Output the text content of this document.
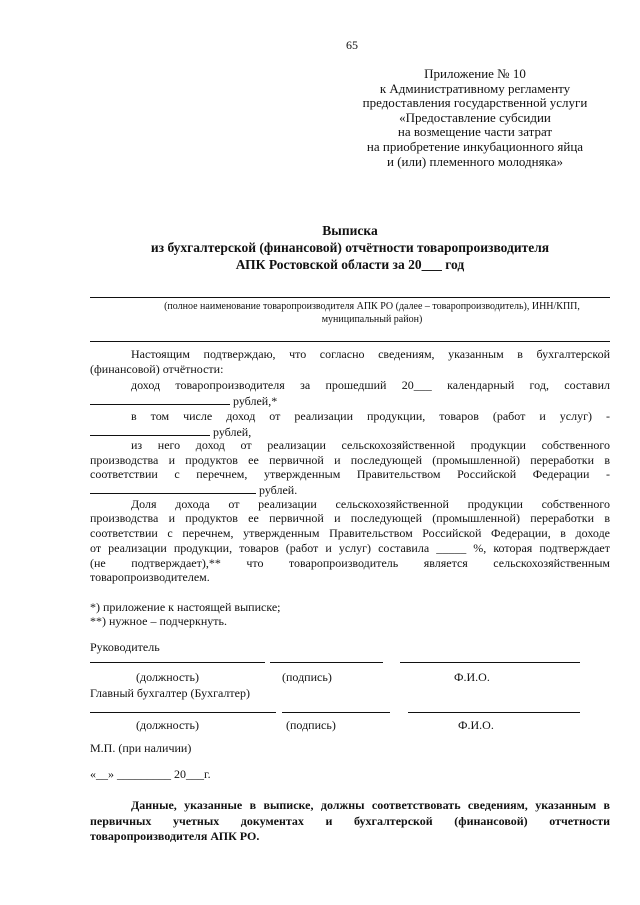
65
Приложение № 10
к Административному регламенту
предоставления государственной услуги
«Предоставление субсидии
на возмещение части затрат
на приобретение инкубационного яйца
и (или) племенного молодняка»
Выписка
из бухгалтерской (финансовой) отчётности товаропроизводителя
АПК Ростовской области за 20___ год
(полное наименование товаропроизводителя АПК РО (далее – товаропроизводитель), ИНН/КПП,
муниципальный район)
Настоящим подтверждаю, что согласно сведениям, указанным в бухгалтерской
(финансовой) отчётности:
доход товаропроизводителя за прошедший 20___ календарный год, составил
рублей,*
в том числе доход от реализации продукции, товаров (работ и услуг) -
рублей,
из него доход от реализации сельскохозяйственной продукции собственного
производства и продуктов ее первичной и последующей (промышленной) переработки в
соответствии с перечнем, утвержденным Правительством Российской Федерации -
рублей.
Доля дохода от реализации сельскохозяйственной продукции собственного
производства и продуктов ее первичной и последующей (промышленной) переработки в
соответствии с перечнем, утвержденным Правительством Российской Федерации, в доходе
от реализации продукции, товаров (работ и услуг) составила _____ %, которая подтверждает
(не подтверждает),** что товаропроизводитель является сельскохозяйственным
товаропроизводителем.
*) приложение к настоящей выписке;
**) нужное – подчеркнуть.
Руководитель
(должность)	(подпись)	Ф.И.О.
Главный бухгалтер (Бухгалтер)
(должность)	(подпись)	Ф.И.О.
М.П. (при наличии)
«__» _________ 20___г.
Данные, указанные в выписке, должны соответствовать сведениям, указанным в
первичных учетных документах и бухгалтерской (финансовой) отчетности
товаропроизводителя АПК РО.
